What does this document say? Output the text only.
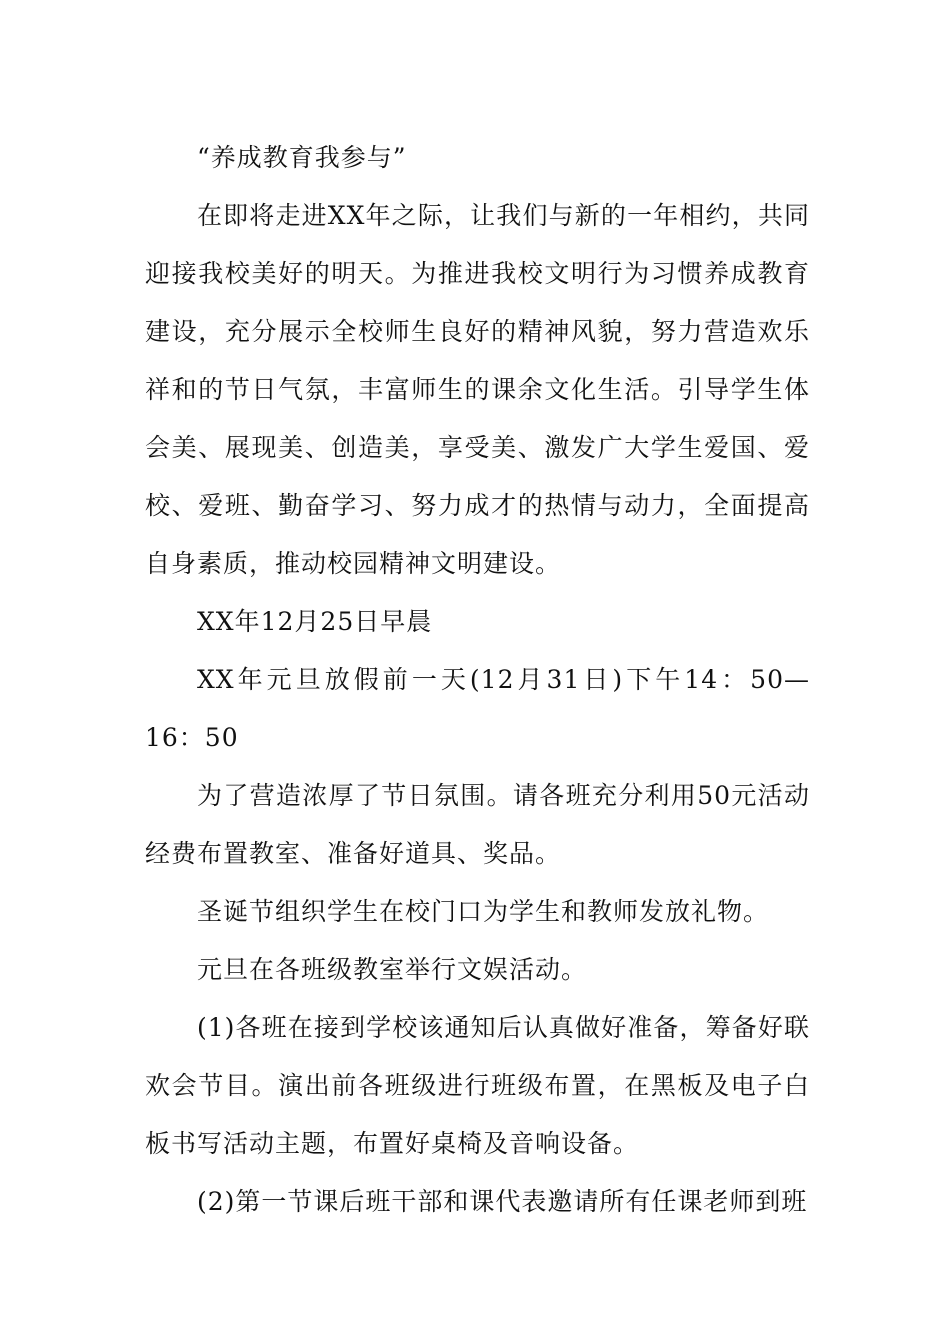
“养成教育我参与”

在即将走进XX年之际，让我们与新的一年相约，共同迎接我校美好的明天。为推进我校文明行为习惯养成教育建设，充分展示全校师生良好的精神风貌，努力营造欢乐祥和的节日气氛，丰富师生的课余文化生活。引导学生体会美、展现美、创造美，享受美、激发广大学生爱国、爱校、爱班、勤奋学习、努力成才的热情与动力，全面提高自身素质，推动校园精神文明建设。

XX年12月25日早晨

XX年元旦放假前一天(12月31日)下午14：50—16：50

为了营造浓厚了节日氛围。请各班充分利用50元活动经费布置教室、准备好道具、奖品。

圣诞节组织学生在校门口为学生和教师发放礼物。

元旦在各班级教室举行文娱活动。

(1)各班在接到学校该通知后认真做好准备，筹备好联欢会节目。演出前各班级进行班级布置，在黑板及电子白板书写活动主题，布置好桌椅及音响设备。

(2)第一节课后班干部和课代表邀请所有任课老师到班
